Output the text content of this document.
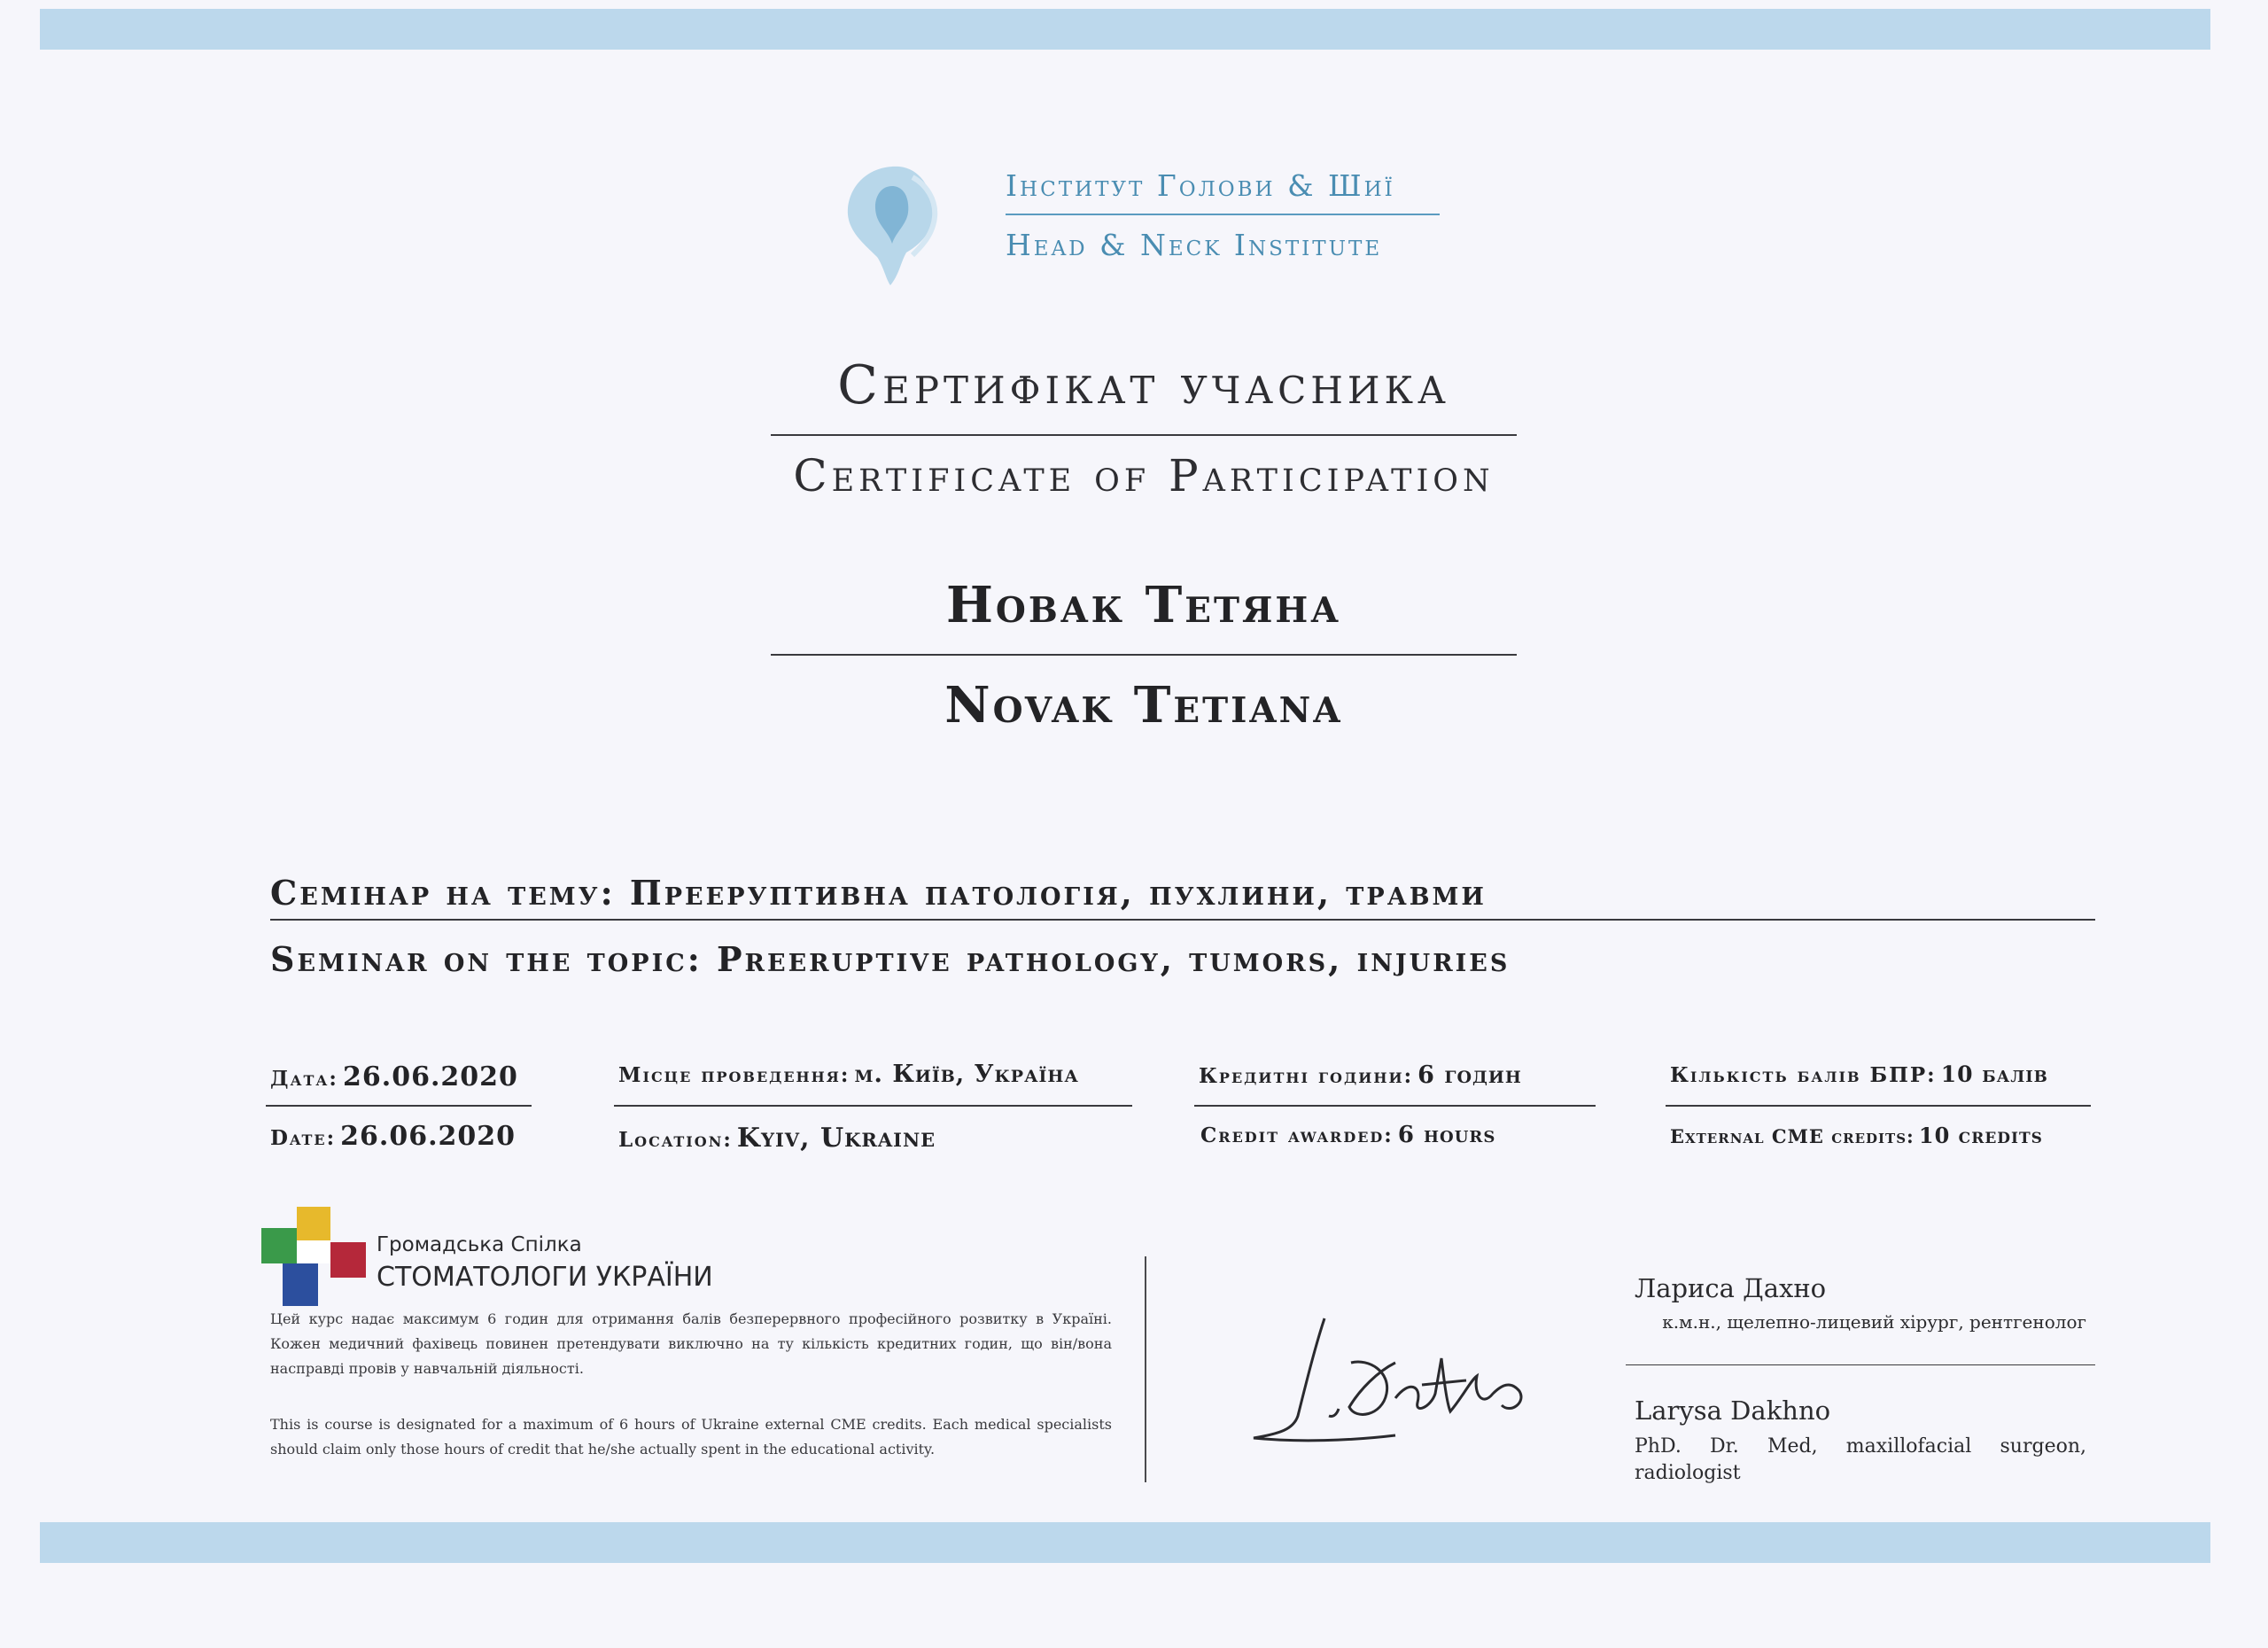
Інститут Голови & Шиї
Head & Neck Institute
Сертифікат учасника
Certificate of Participation
Новак Тетяна
Novak Tetiana
Семінар на тему: Преeруптивна патологія, пухлини, травми
Seminar on the topic: Preeruptive pathology, tumors, injuries
Дата: 26.06.2020
Date: 26.06.2020
Місце проведення: м. Київ, Україна
Location: Kyiv, Ukraine
Кредитні години: 6 годин
Credit awarded: 6 hours
Кількість балів БПР: 10 балів
External CME credits: 10 credits
Громадська Спілка
СТОМАТОЛОГИ УКРАЇНИ
Цей курс надає максимум 6 годин для отримання балів безперервного професійного розвитку в Україні. Кожен медичний фахівець повинен претендувати виключно на ту кількість кредитних годин, що він/вона насправді провів у навчальній діяльності.
This is course is designated for a maximum of 6 hours of Ukraine external CME credits. Each medical specialists should claim only those hours of credit that he/she actually spent in the educational activity.
Лариса Дахно
к.м.н., щелепно-лицевий хірург, рентгенолог
Larysa Dakhno
PhD. Dr. Med, maxillofacial surgeon, radiologist
